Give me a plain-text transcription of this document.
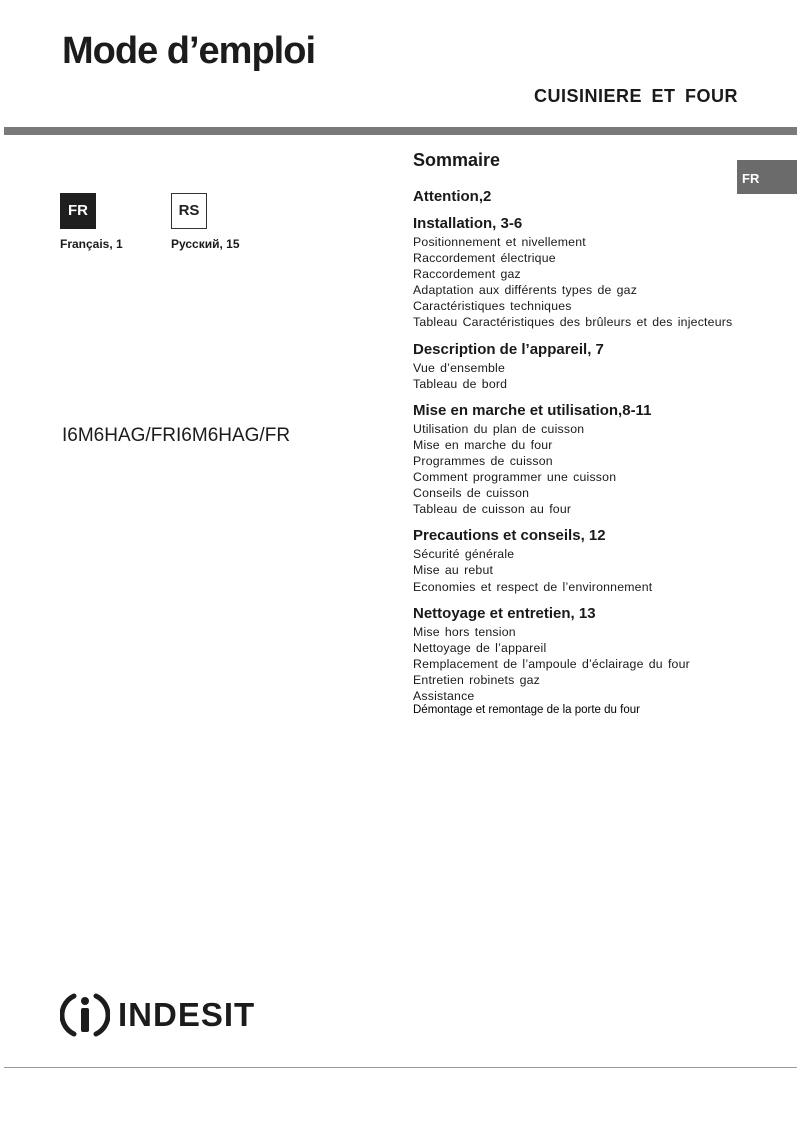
Mode d’emploi
CUISINIERE ET FOUR
FR
FR	RS
Français, 1	Русский, 15
I6M6HAG/FRI6M6HAG/FR
Sommaire
Attention,2
Installation, 3-6
Positionnement et nivellement
Raccordement électrique
Raccordement gaz
Adaptation aux différents types de gaz
Caractéristiques techniques
Tableau Caractéristiques des brûleurs et des injecteurs
Description de l’appareil, 7
Vue d’ensemble
Tableau de bord
Mise en marche et utilisation,8-11
Utilisation du plan de cuisson
Mise en marche du four
Programmes de cuisson
Comment programmer une cuisson
Conseils de cuisson
Tableau de cuisson au four
Precautions et conseils, 12
Sécurité générale
Mise au rebut
Economies et respect de l’environnement
Nettoyage et entretien, 13
Mise hors tension
Nettoyage de l’appareil
Remplacement de l’ampoule d’éclairage du four
Entretien robinets gaz
Assistance
Démontage et remontage de la porte du four
INDESIT
